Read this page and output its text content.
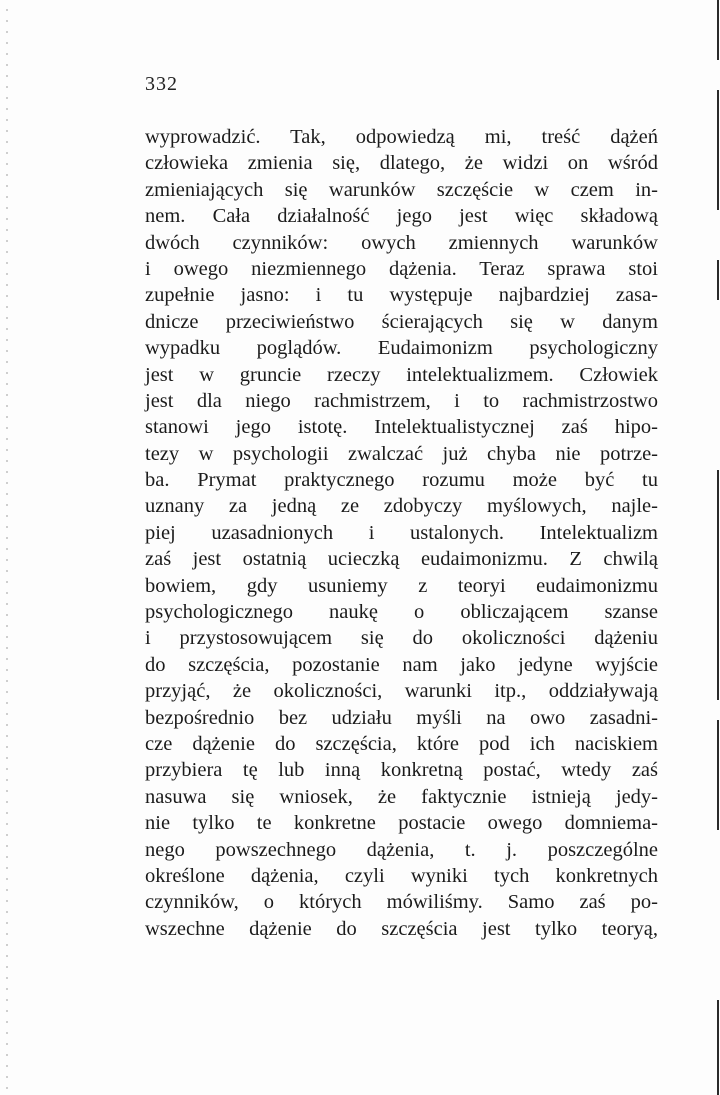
332
wyprowadzić. Tak, odpowiedzą mi, treść dążeń
człowieka zmienia się, dlatego, że widzi on wśród
zmieniających się warunków szczęście w czem in-
nem. Cała działalność jego jest więc składową
dwóch czynników: owych zmiennych warunków
i owego niezmiennego dążenia. Teraz sprawa stoi
zupełnie jasno: i tu występuje najbardziej zasa-
dnicze przeciwieństwo ścierających się w danym
wypadku poglądów. Eudaimonizm psychologiczny
jest w gruncie rzeczy intelektualizmem. Człowiek
jest dla niego rachmistrzem, i to rachmistrzostwo
stanowi jego istotę. Intelektualistycznej zaś hipo-
tezy w psychologii zwalczać już chyba nie potrze-
ba. Prymat praktycznego rozumu może być tu
uznany za jedną ze zdobyczy myślowych, najle-
piej uzasadnionych i ustalonych. Intelektualizm
zaś jest ostatnią ucieczką eudaimonizmu. Z chwilą
bowiem, gdy usuniemy z teoryi eudaimonizmu
psychologicznego naukę o obliczającem szanse
i przystosowującem się do okoliczności dążeniu
do szczęścia, pozostanie nam jako jedyne wyjście
przyjąć, że okoliczności, warunki itp., oddziaływają
bezpośrednio bez udziału myśli na owo zasadni-
cze dążenie do szczęścia, które pod ich naciskiem
przybiera tę lub inną konkretną postać, wtedy zaś
nasuwa się wniosek, że faktycznie istnieją jedy-
nie tylko te konkretne postacie owego domniema-
nego powszechnego dążenia, t. j. poszczególne
określone dążenia, czyli wyniki tych konkretnych
czynników, o których mówiliśmy. Samo zaś po-
wszechne dążenie do szczęścia jest tylko teoryą,
